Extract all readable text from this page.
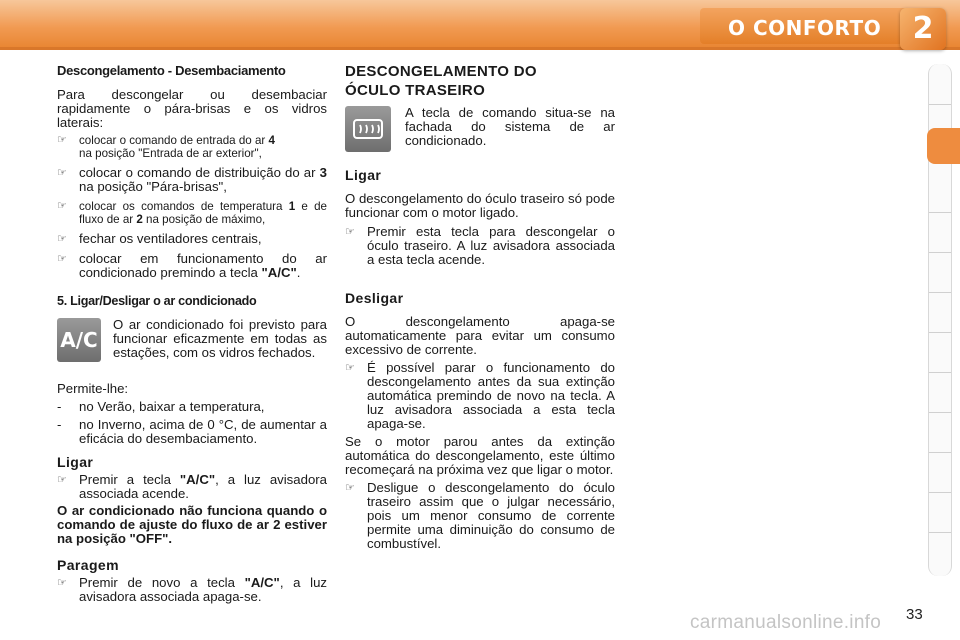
O CONFORTO	2
Descongelamento - Desembaciamento

Para descongelar ou desembaciar rapidamente o pára-brisas e os vidros laterais:

☞ colocar o comando de entrada do ar 4
na posição "Entrada de ar exterior",
☞ colocar o comando de distribuição do ar 3 na posição "Pára-brisas",
☞ colocar os comandos de temperatura 1 e de fluxo de ar 2 na posição de máximo,
☞ fechar os ventiladores centrais,
☞ colocar em funcionamento do ar condicionado premindo a tecla "A/C".
5. Ligar/Desligar o ar condicionado
A/C

O ar condicionado foi previsto para funcionar eficazmente em todas as estações, com os vidros fechados.

Permite-lhe:

- no Verão, baixar a temperatura,
- no Inverno, acima de 0 °C, de aumentar a eficácia do desembaciamento.
Ligar
☞ Premir a tecla "A/C", a luz avisadora associada acende.

O ar condicionado não funciona quando o comando de ajuste do fluxo de ar 2 estiver na posição "OFF".

Paragem
☞ Premir de novo a tecla "A/C", a luz avisadora associada apaga-se.
DESCONGELAMENTO DO
ÓCULO TRASEIRO

A tecla de comando situa-se na fachada do sistema de ar condicionado.

Ligar

O descongelamento do óculo traseiro só pode funcionar com o motor ligado.

☞ Premir esta tecla para descongelar o óculo traseiro. A luz avisadora associada a esta tecla acende.
Desligar

O descongelamento apaga-se automaticamente para evitar um consumo excessivo de corrente.

☞ É possível parar o funcionamento do descongelamento antes da sua extinção automática premindo de novo na tecla. A luz avisadora associada a esta tecla apaga-se.

Se o motor parou antes da extinção automática do descongelamento, este último recomeçará na próxima vez que ligar o motor.

☞ Desligue o descongelamento do óculo traseiro assim que o julgar necessário, pois um menor consumo de corrente permite uma diminuição do consumo de combustível.
carmanualsonline.info 33
